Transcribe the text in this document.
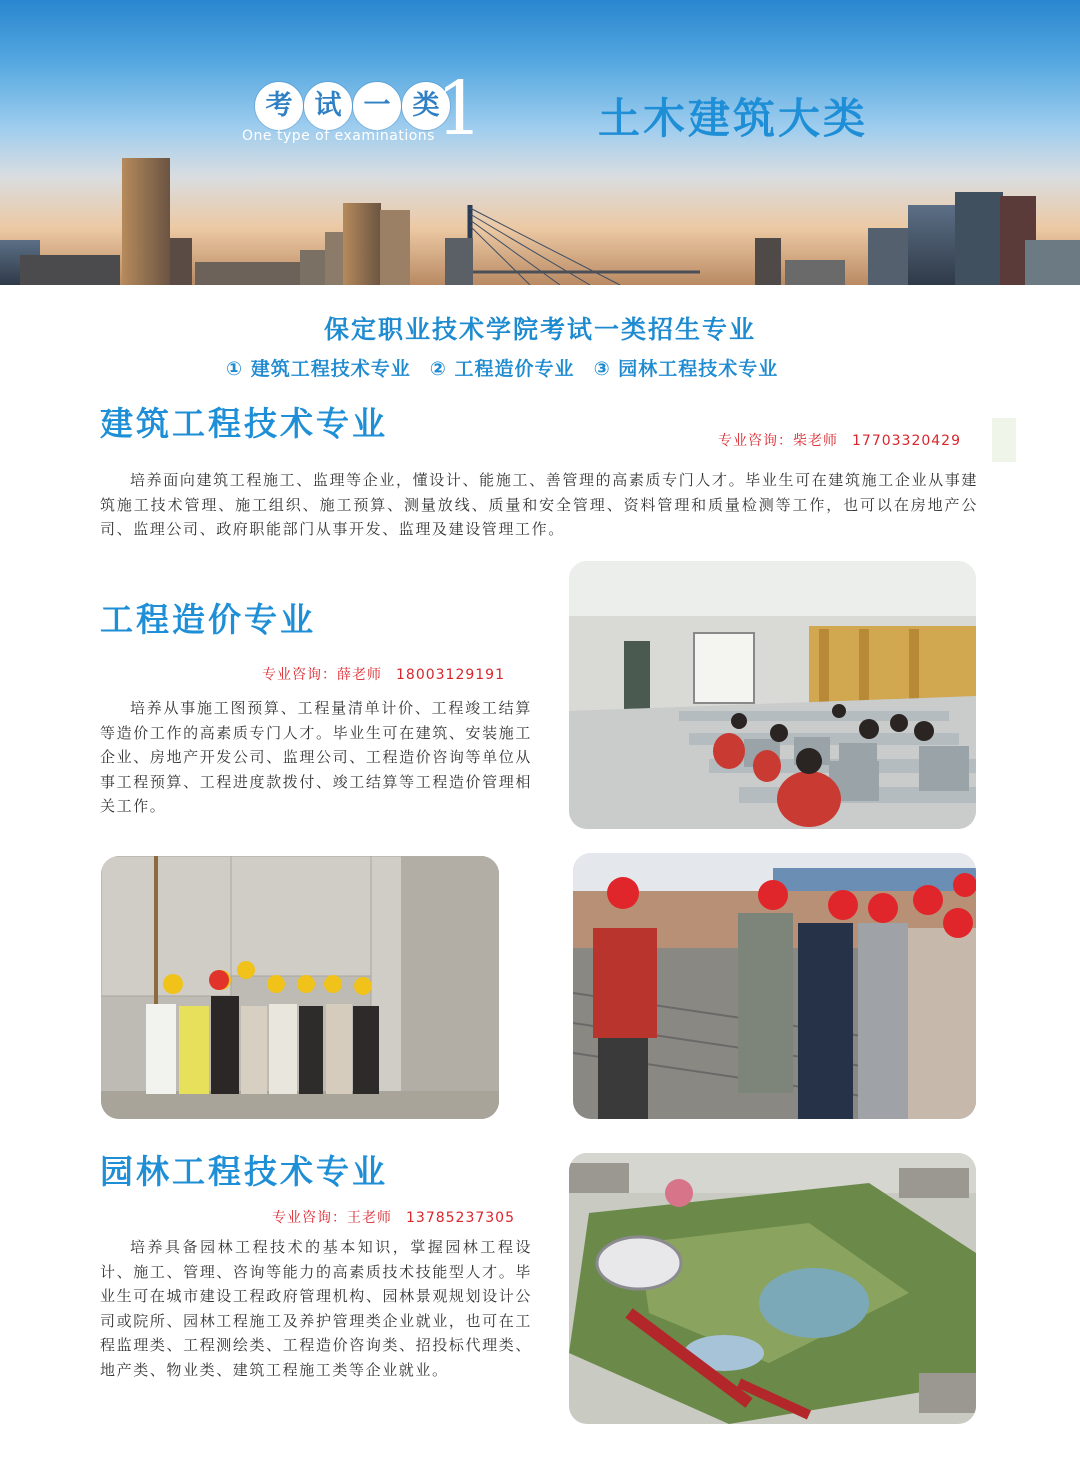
考 试 一 类
1
One type of examinations	土木建筑大类
保定职业技术学院考试一类招生专业
① 建筑工程技术专业 ② 工程造价专业 ③ 园林工程技术专业
建筑工程技术专业	专业咨询：柴老师 17703320429

培养面向建筑工程施工、监理等企业，懂设计、能施工、善管理的高素质专门人才。毕业生可在建筑施工企业从事建筑施工技术管理、施工组织、施工预算、测量放线、质量和安全管理、资料管理和质量检测等工作，也可以在房地产公司、监理公司、政府职能部门从事开发、监理及建设管理工作。

工程造价专业
专业咨询：薛老师 18003129191

培养从事施工图预算、工程量清单计价、工程竣工结算等造价工作的高素质专门人才。毕业生可在建筑、安装施工企业、房地产开发公司、监理公司、工程造价咨询等单位从事工程预算、工程进度款拨付、竣工结算等工程造价管理相关工作。

园林工程技术专业
专业咨询：王老师 13785237305

培养具备园林工程技术的基本知识，掌握园林工程设计、施工、管理、咨询等能力的高素质技术技能型人才。毕业生可在城市建设工程政府管理机构、园林景观规划设计公司或院所、园林工程施工及养护管理类企业就业，也可在工程监理类、工程测绘类、工程造价咨询类、招投标代理类、地产类、物业类、建筑工程施工类等企业就业。
